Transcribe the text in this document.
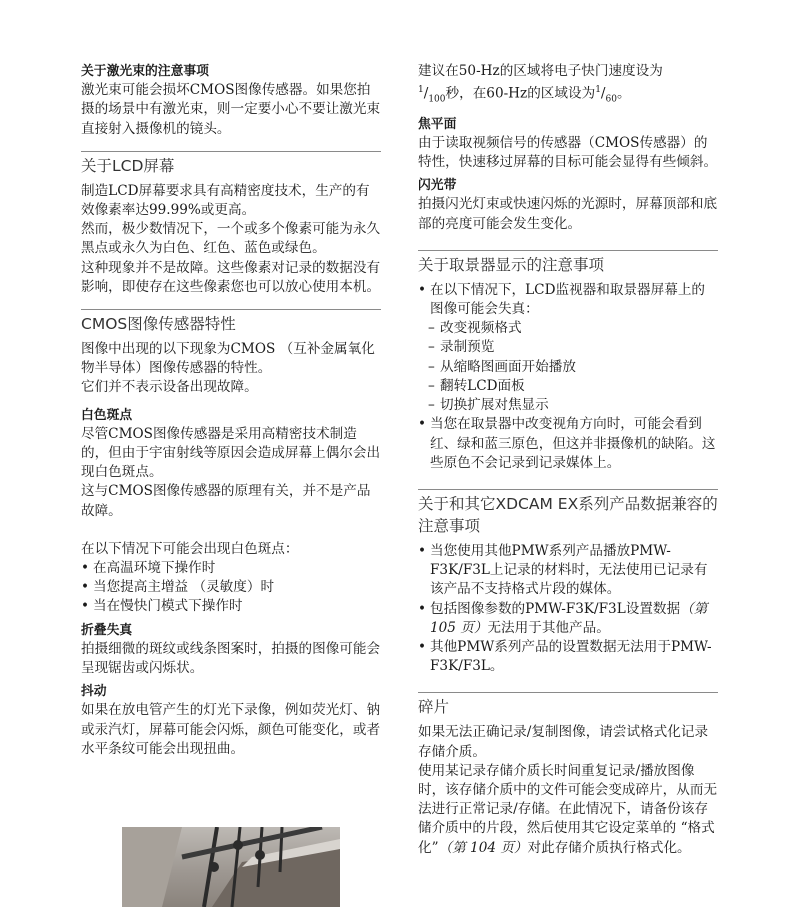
关于激光束的注意事项

激光束可能会损坏CMOS图像传感器。如果您拍摄的场景中有激光束，则一定要小心不要让激光束直接射入摄像机的镜头。

关于LCD屏幕

制造LCD屏幕要求具有高精密度技术，生产的有效像素率达99.99%或更高。

然而，极少数情况下，一个或多个像素可能为永久黑点或永久为白色、红色、蓝色或绿色。

这种现象并不是故障。这些像素对记录的数据没有影响，即使存在这些像素您也可以放心使用本机。

CMOS图像传感器特性

图像中出现的以下现象为CMOS （互补金属氧化物半导体）图像传感器的特性。

它们并不表示设备出现故障。

白色斑点

尽管CMOS图像传感器是采用高精密技术制造的，但由于宇宙射线等原因会造成屏幕上偶尔会出现白色斑点。

这与CMOS图像传感器的原理有关，并不是产品故障。

在以下情况下可能会出现白色斑点：

• 在高温环境下操作时
• 当您提高主增益 （灵敏度）时
• 当在慢快门模式下操作时

折叠失真

拍摄细微的斑纹或线条图案时，拍摄的图像可能会呈现锯齿或闪烁状。

抖动

如果在放电管产生的灯光下录像，例如荧光灯、钠或汞汽灯，屏幕可能会闪烁，颜色可能变化，或者水平条纹可能会出现扭曲。

建议在50-Hz的区域将电子快门速度设为
$^1/_{100}$秒，在60-Hz的区域设为$^1/_{60}$。

焦平面

由于读取视频信号的传感器（CMOS传感器）的特性，快速移过屏幕的目标可能会显得有些倾斜。

闪光带

拍摄闪光灯束或快速闪烁的光源时，屏幕顶部和底部的亮度可能会发生变化。

关于取景器显示的注意事项

• 在以下情况下，LCD监视器和取景器屏幕上的图像可能会失真：
– 改变视频格式
– 录制预览
– 从缩略图画面开始播放
– 翻转LCD面板
– 切换扩展对焦显示
• 当您在取景器中改变视角方向时，可能会看到红、绿和蓝三原色，但这并非摄像机的缺陷。这些原色不会记录到记录媒体上。

关于和其它XDCAM EX系列产品数据兼容的注意事项

• 当您使用其他PMW系列产品播放PMW-F3K/F3L上记录的材料时，无法使用已记录有该产品不支持格式片段的媒体。
• 包括图像参数的PMW-F3K/F3L设置数据（第 105 页）无法用于其他产品。
• 其他PMW系列产品的设置数据无法用于PMW-F3K/F3L。

碎片

如果无法正确记录/复制图像，请尝试格式化记录存储介质。

使用某记录存储介质长时间重复记录/播放图像时，该存储介质中的文件可能会变成碎片，从而无法进行正常记录/存储。在此情况下，请备份该存储介质中的片段，然后使用其它设定菜单的 “格式化”（第 104 页）对此存储介质执行格式化。
